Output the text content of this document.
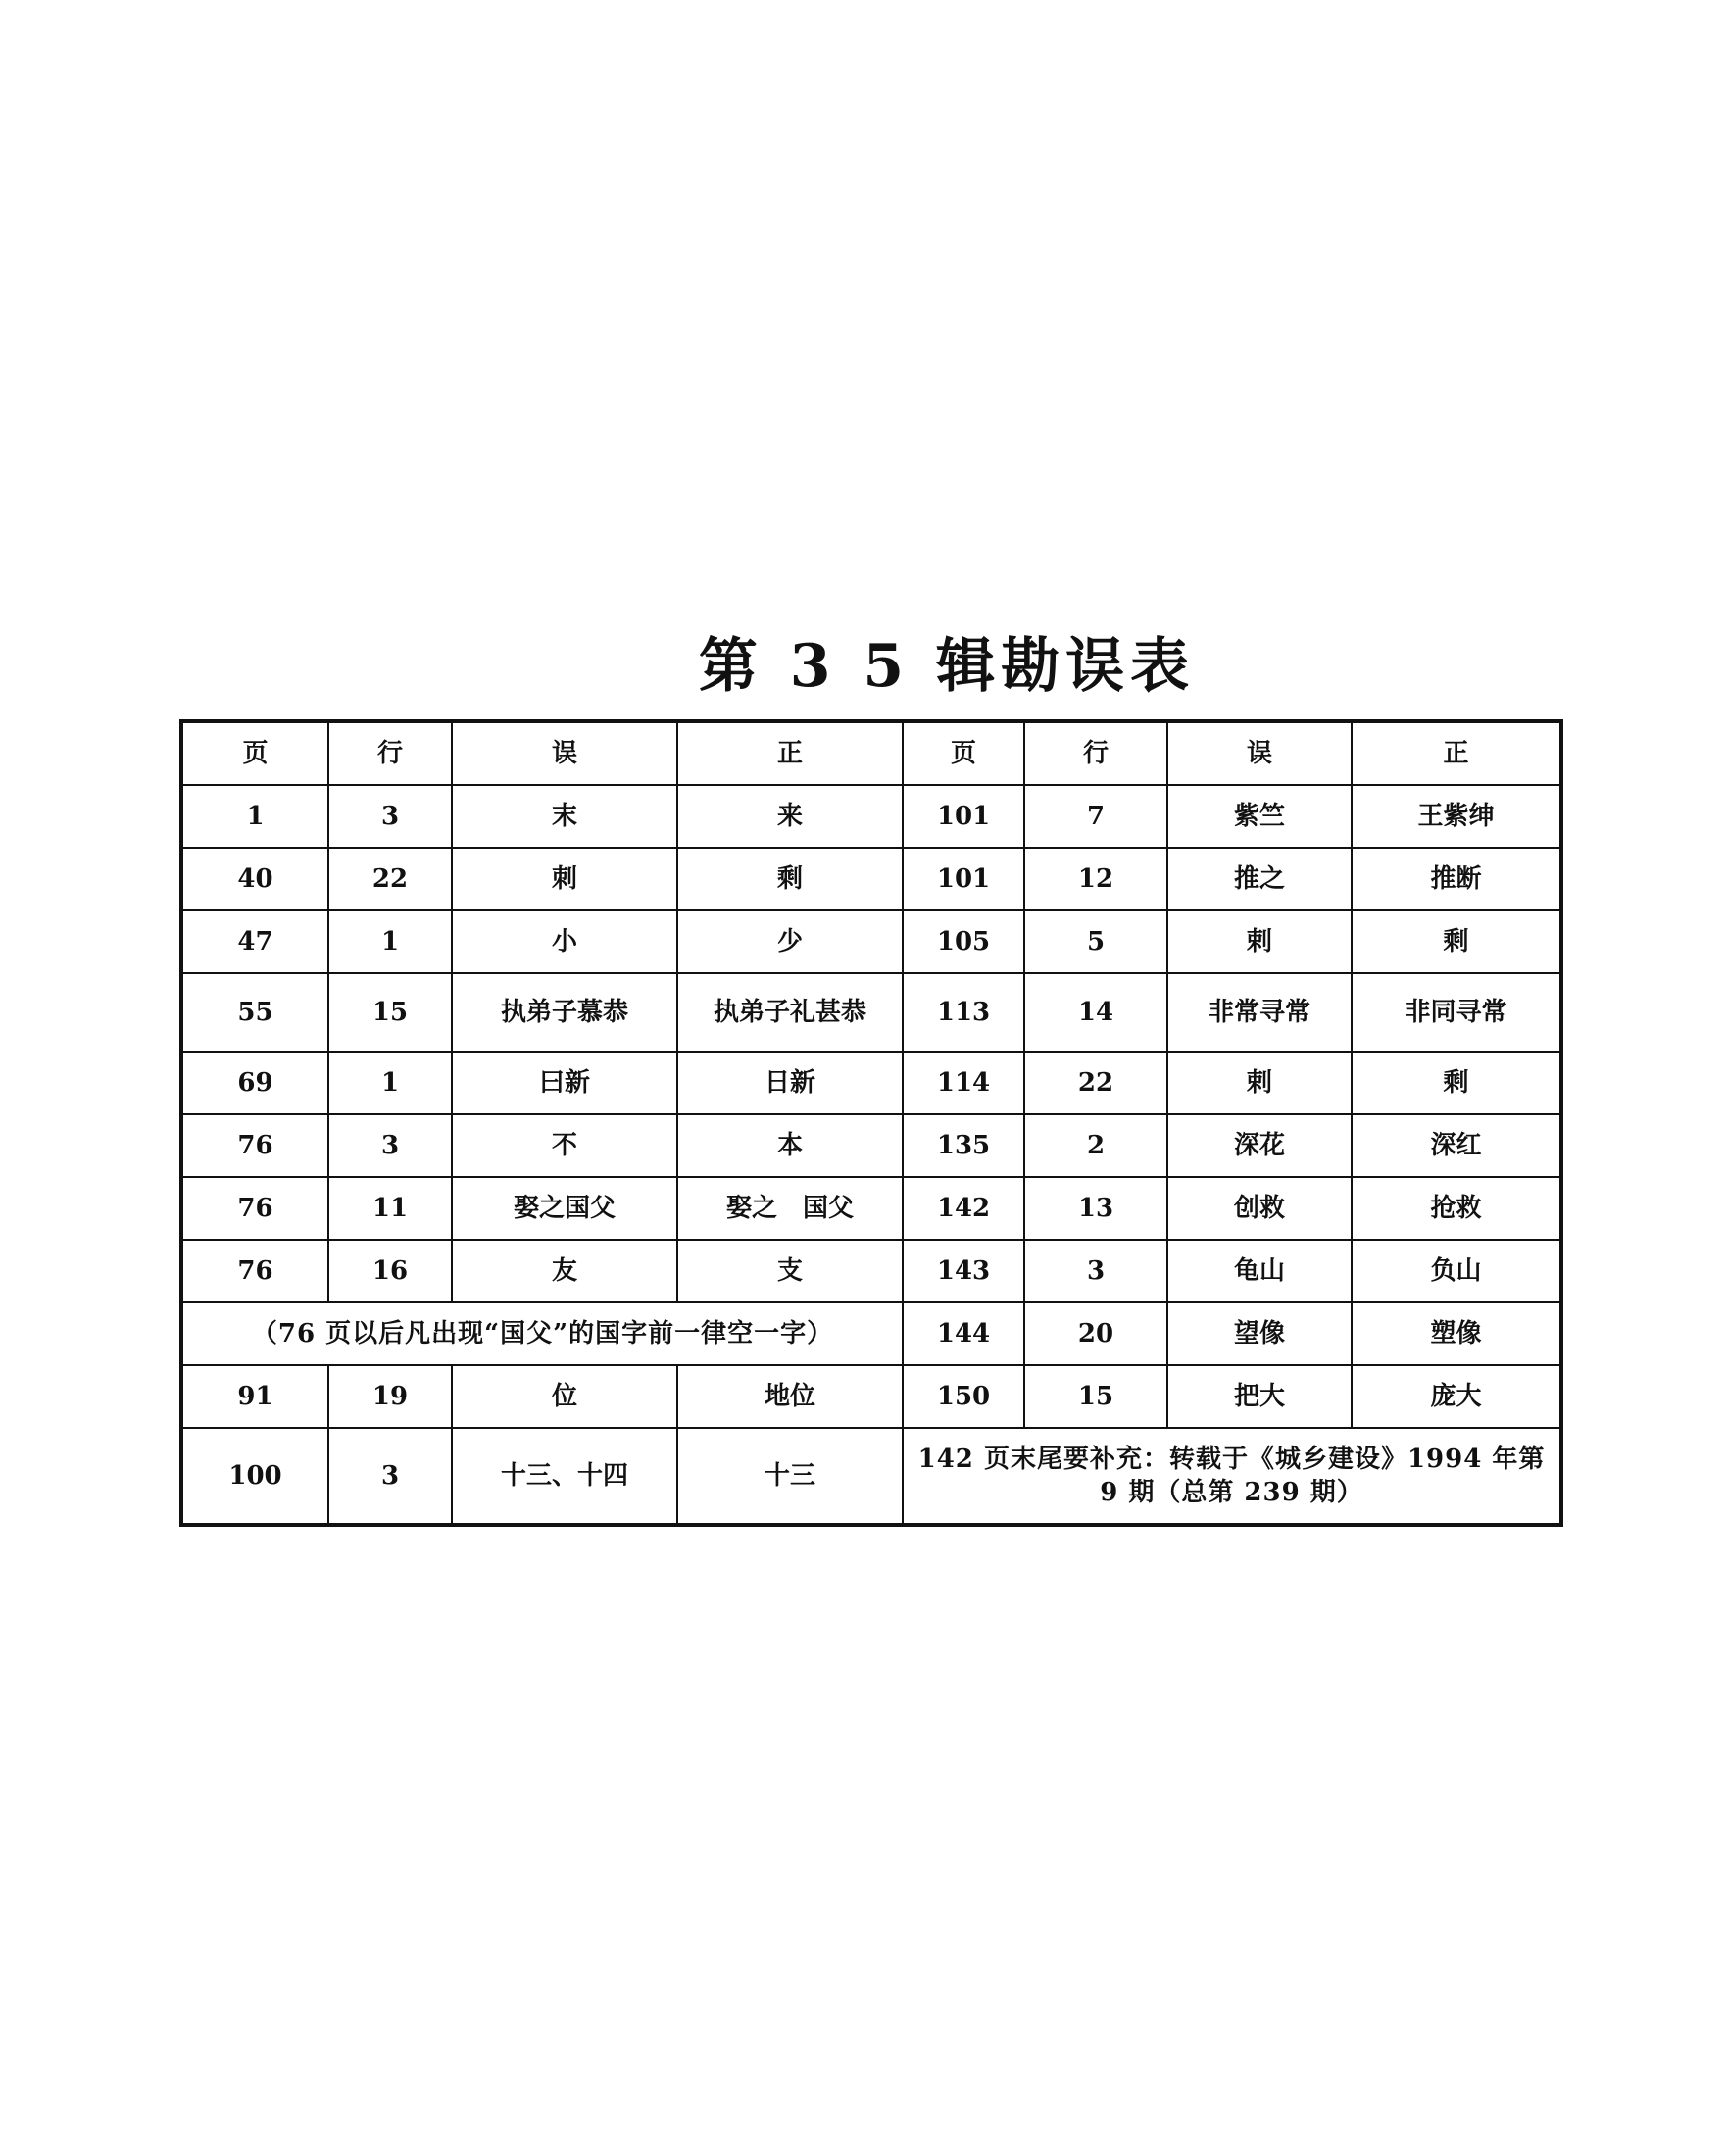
第 3 5 辑勘误表
页	行	误	正	页	行	误	正
1	3	末	来	101	7	紫竺	王紫绅
40	22	刺	剩	101	12	推之	推断
47	1	小	少	105	5	剌	剩
55	15	执弟子慕恭	执弟子礼甚恭	113	14	非常寻常	非同寻常
69	1	曰新	日新	114	22	剌	剩
76	3	不	本	135	2	深花	深红
76	11	娶之国父	娶之　国父	142	13	创救	抢救
76	16	友	支	143	3	龟山	负山
（76 页以后凡出现“国父”的国字前一律空一字）				144	20	望像	塑像
91	19	位	地位	150	15	把大	庞大
100	3	十三、十四	十三	142 页末尾要补充：转载于《城乡建设》1994 年第 9 期（总第 239 期）			
